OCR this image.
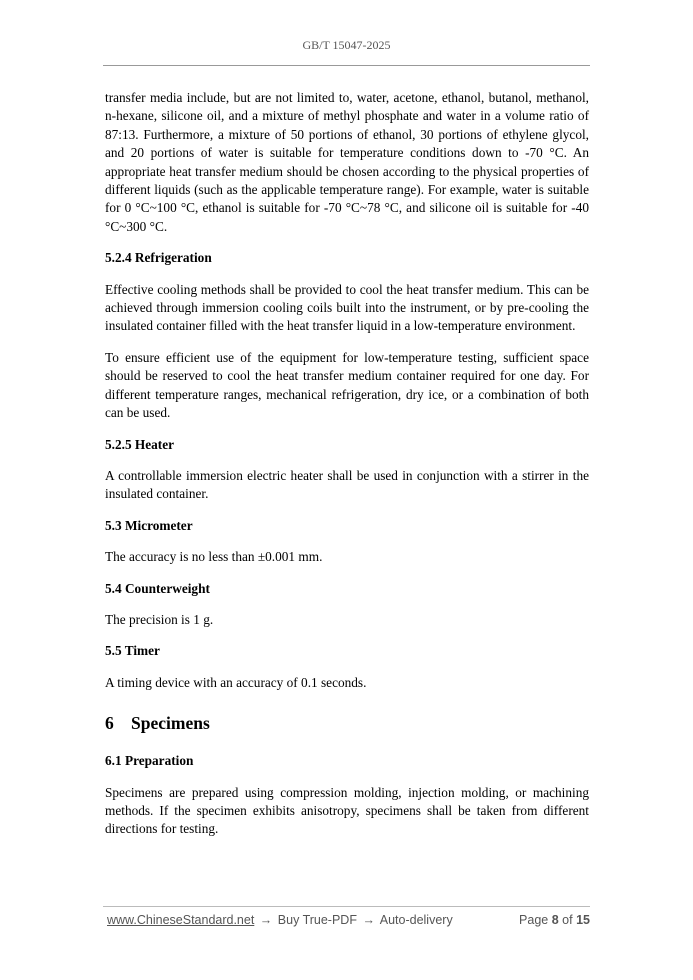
GB/T 15047-2025

transfer media include, but are not limited to, water, acetone, ethanol, butanol, methanol, n-hexane, silicone oil, and a mixture of methyl phosphate and water in a volume ratio of 87:13. Furthermore, a mixture of 50 portions of ethanol, 30 portions of ethylene glycol, and 20 portions of water is suitable for temperature conditions down to -70 °C. An appropriate heat transfer medium should be chosen according to the physical properties of different liquids (such as the applicable temperature range). For example, water is suitable for 0 °C~100 °C, ethanol is suitable for -70 °C~78 °C, and silicone oil is suitable for -40 °C~300 °C.

5.2.4 Refrigeration

Effective cooling methods shall be provided to cool the heat transfer medium. This can be achieved through immersion cooling coils built into the instrument, or by pre-cooling the insulated container filled with the heat transfer liquid in a low-temperature environment.

To ensure efficient use of the equipment for low-temperature testing, sufficient space should be reserved to cool the heat transfer medium container required for one day. For different temperature ranges, mechanical refrigeration, dry ice, or a combination of both can be used.

5.2.5 Heater

A controllable immersion electric heater shall be used in conjunction with a stirrer in the insulated container.

5.3 Micrometer

The accuracy is no less than ±0.001 mm.

5.4 Counterweight

The precision is 1 g.

5.5 Timer

A timing device with an accuracy of 0.1 seconds.

6 Specimens

6.1 Preparation

Specimens are prepared using compression molding, injection molding, or machining methods. If the specimen exhibits anisotropy, specimens shall be taken from different directions for testing.

www.ChineseStandard.net → Buy True-PDF → Auto-delivery	Page 8 of 15
